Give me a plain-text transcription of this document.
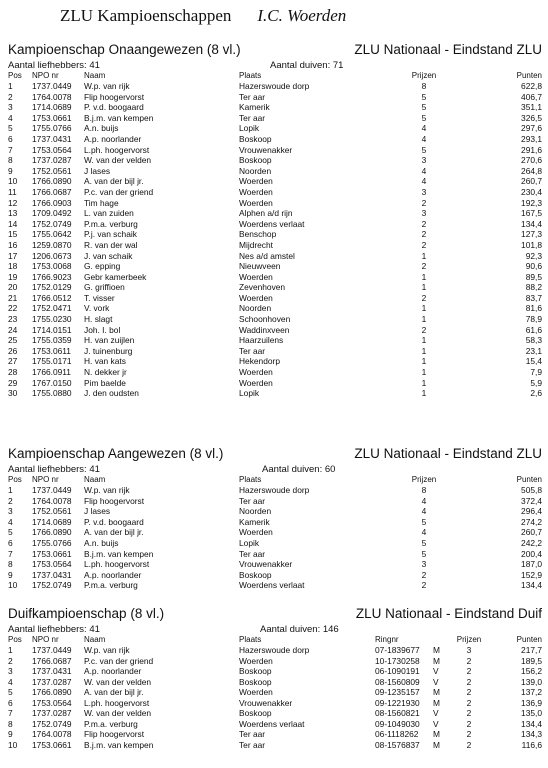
ZLU Kampioenschappen I.C. Woerden
Kampioenschap Onaangewezen (8 vl.)	ZLU Nationaal - Eindstand ZLU
Aantal liefhebbers: 41	Aantal duiven: 71
Pos	NPO nr	Naam	Plaats	Prijzen	Punten
1	1737.0449	W.p. van rijk	Hazerswoude dorp	8	622,8
2	1764.0078	Flip hoogervorst	Ter aar	5	406,7
3	1714.0689	P. v.d. boogaard	Kamerik	5	351,1
4	1753.0661	B.j.m. van kempen	Ter aar	5	326,5
5	1755.0766	A.n. buijs	Lopik	4	297,6
6	1737.0431	A.p. noorlander	Boskoop	4	293,1
7	1753.0564	L.ph. hoogervorst	Vrouwenakker	5	291,6
8	1737.0287	W. van der velden	Boskoop	3	270,6
9	1752.0561	J lases	Noorden	4	264,8
10	1766.0890	A. van der bijl jr.	Woerden	4	260,7
11	1766.0687	P.c. van der griend	Woerden	3	230,4
12	1766.0903	Tim hage	Woerden	2	192,3
13	1709.0492	L. van zuiden	Alphen a/d rijn	3	167,5
14	1752.0749	P.m.a. verburg	Woerdens verlaat	2	134,4
15	1755.0642	P.j. van schaik	Benschop	2	127,3
16	1259.0870	R. van der wal	Mijdrecht	2	101,8
17	1206.0673	J. van schaik	Nes a/d amstel	1	92,3
18	1753.0068	G. epping	Nieuwveen	2	90,6
19	1766.9023	Gebr kamerbeek	Woerden	1	89,5
20	1752.0129	G. griffioen	Zevenhoven	1	88,2
21	1766.0512	T. visser	Woerden	2	83,7
22	1752.0471	V. vork	Noorden	1	81,6
23	1755.0230	H. slagt	Schoonhoven	1	78,9
24	1714.0151	Joh. I. bol	Waddinxveen	2	61,6
25	1755.0359	H. van zuijlen	Haarzuilens	1	58,3
26	1753.0611	J. tuinenburg	Ter aar	1	23,1
27	1755.0171	H. van kats	Hekendorp	1	15,4
28	1766.0911	N. dekker jr	Woerden	1	7,9
29	1767.0150	Pim baelde	Woerden	1	5,9
30	1755.0880	J. den oudsten	Lopik	1	2,6
Kampioenschap Aangewezen (8 vl.)	ZLU Nationaal - Eindstand ZLU
Aantal liefhebbers: 41	Aantal duiven: 60
Pos	NPO nr	Naam	Plaats	Prijzen	Punten
1	1737.0449	W.p. van rijk	Hazerswoude dorp	8	505,8
2	1764.0078	Flip hoogervorst	Ter aar	4	372,4
3	1752.0561	J lases	Noorden	4	296,4
4	1714.0689	P. v.d. boogaard	Kamerik	5	274,2
5	1766.0890	A. van der bijl jr.	Woerden	4	260,7
6	1755.0766	A.n. buijs	Lopik	5	242,2
7	1753.0661	B.j.m. van kempen	Ter aar	5	200,4
8	1753.0564	L.ph. hoogervorst	Vrouwenakker	3	187,0
9	1737.0431	A.p. noorlander	Boskoop	2	152,9
10	1752.0749	P.m.a. verburg	Woerdens verlaat	2	134,4
Duifkampioenschap (8 vl.)	ZLU Nationaal - Eindstand Duif
Aantal liefhebbers: 41	Aantal duiven: 146
Pos	NPO nr	Naam	Plaats	Ringnr		Prijzen	Punten
1	1737.0449	W.p. van rijk	Hazerswoude dorp	07-1839677	M	3	217,7
2	1766.0687	P.c. van der griend	Woerden	10-1730258	M	2	189,5
3	1737.0431	A.p. noorlander	Boskoop	06-1090191	V	2	156,2
4	1737.0287	W. van der velden	Boskoop	08-1560809	V	2	139,0
5	1766.0890	A. van der bijl jr.	Woerden	09-1235157	M	2	137,2
6	1753.0564	L.ph. hoogervorst	Vrouwenakker	09-1221930	M	2	136,9
7	1737.0287	W. van der velden	Boskoop	08-1560821	V	2	135,0
8	1752.0749	P.m.a. verburg	Woerdens verlaat	09-1049030	V	2	134,4
9	1764.0078	Flip hoogervorst	Ter aar	06-1118262	M	2	134,3
10	1753.0661	B.j.m. van kempen	Ter aar	08-1576837	M	2	116,6
